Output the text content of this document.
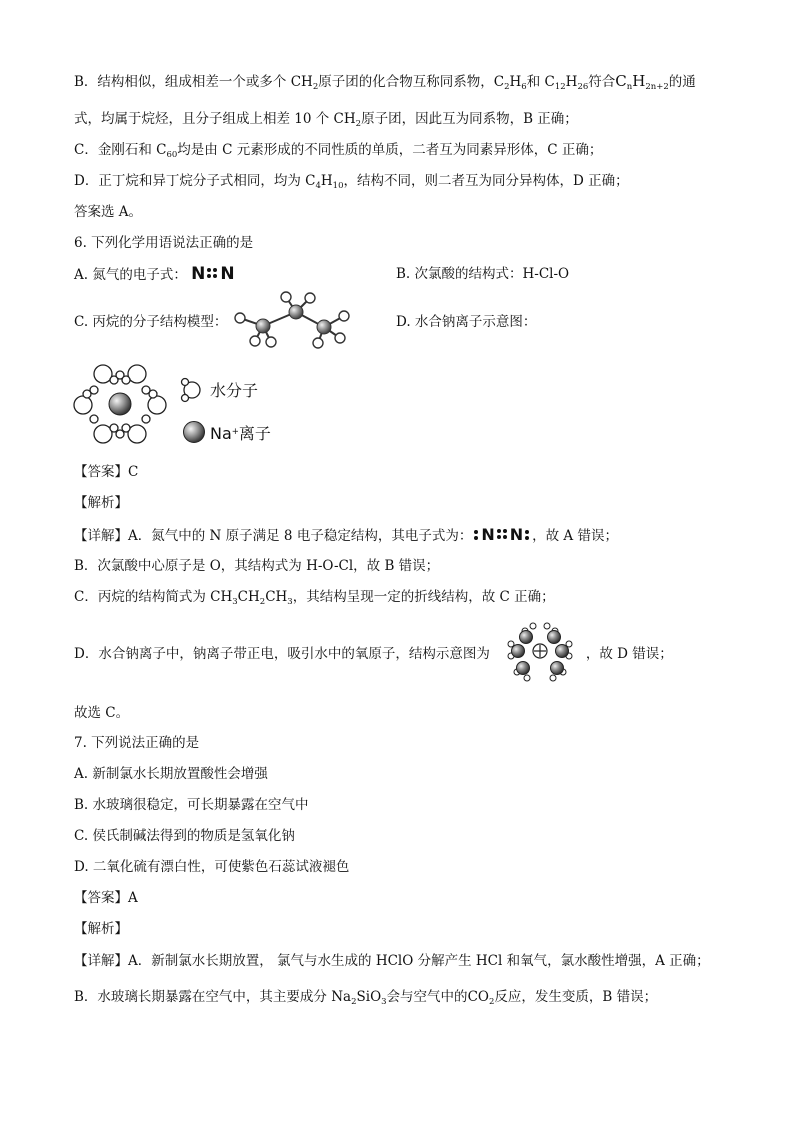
B．结构相似，组成相差一个或多个 $CH_2$原子团的化合物互称同系物，$C_2H_6$和 $C_{12}H_{26}$符合$C_nH_{2n+2}$的通
式，均属于烷烃，且分子组成上相差 10 个 $CH_2$原子团，因此互为同系物，B 正确；
C．金刚石和 $C_{60}$均是由 C 元素形成的不同性质的单质，二者互为同素异形体，C 正确；
D．正丁烷和异丁烷分子式相同，均为 $C_4H_{10}$，结构不同，则二者互为同分异构体，D 正确；
答案选 A。
6. 下列化学用语说法正确的是
A. 氮气的电子式： N N	B. 次氯酸的结构式：H-Cl-O
C. 丙烷的分子结构模型：	D. 水合钠离子示意图：
水分子
Na+离子
【答案】C
【解析】
【详解】A．氮气中的 N 原子满足 8 电子稳定结构，其电子式为： N N ，故 A 错误；
B．次氯酸中心原子是 O，其结构式为 H-O-Cl，故 B 错误；
C．丙烷的结构简式为 $CH_3CH_2CH_3$，其结构呈现一定的折线结构，故 C 正确；
D．水合钠离子中，钠离子带正电，吸引水中的氧原子，结构示意图为	，故 D 错误；
故选 C。
7. 下列说法正确的是
A. 新制氯水长期放置酸性会增强
B. 水玻璃很稳定，可长期暴露在空气中
C. 侯氏制碱法得到的物质是氢氧化钠
D. 二氧化硫有漂白性，可使紫色石蕊试液褪色
【答案】A
【解析】
【详解】A．新制氯水长期放置， 氯气与水生成的 HClO 分解产生 HCl 和氧气，氯水酸性增强，A 正确；
B．水玻璃长期暴露在空气中，其主要成分 $Na_2SiO_3$会与空气中的$CO_2$反应，发生变质，B 错误；
